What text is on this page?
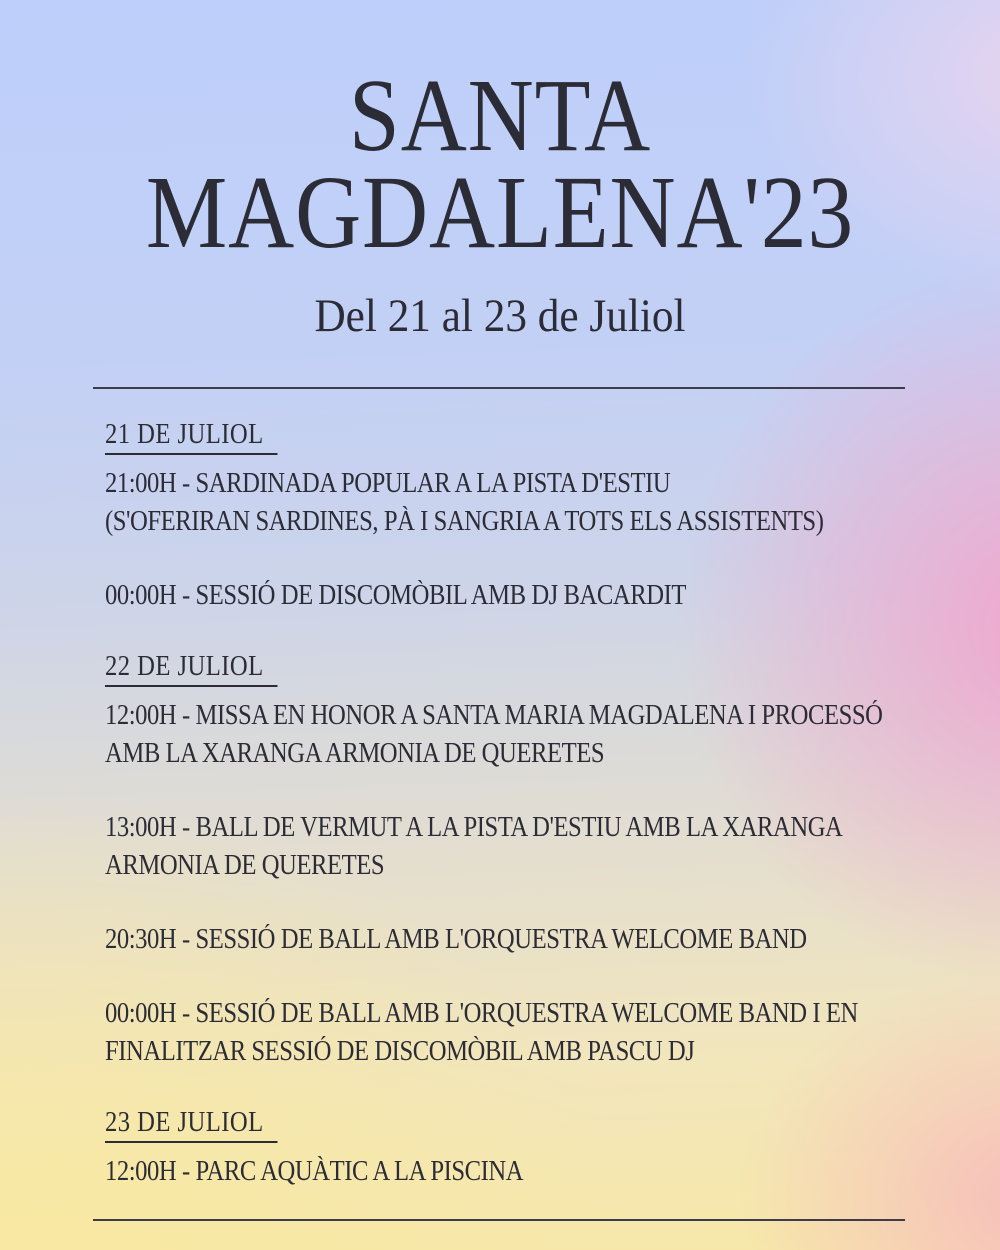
SANTA
MAGDALENA'23
Del 21 al 23 de Juliol
21 DE JULIOL
21:00H - SARDINADA POPULAR A LA PISTA D'ESTIU
(S'OFERIRAN SARDINES, PÀ I SANGRIA A TOTS ELS ASSISTENTS)
00:00H - SESSIÓ DE DISCOMÒBIL AMB DJ BACARDIT
22 DE JULIOL
12:00H - MISSA EN HONOR A SANTA MARIA MAGDALENA I PROCESSÓ
AMB LA XARANGA ARMONIA DE QUERETES
13:00H - BALL DE VERMUT A LA PISTA D'ESTIU AMB LA XARANGA
ARMONIA DE QUERETES
20:30H - SESSIÓ DE BALL AMB L'ORQUESTRA WELCOME BAND
00:00H - SESSIÓ DE BALL AMB L'ORQUESTRA WELCOME BAND I EN
FINALITZAR SESSIÓ DE DISCOMÒBIL AMB PASCU DJ
23 DE JULIOL
12:00H - PARC AQUÀTIC A LA PISCINA
